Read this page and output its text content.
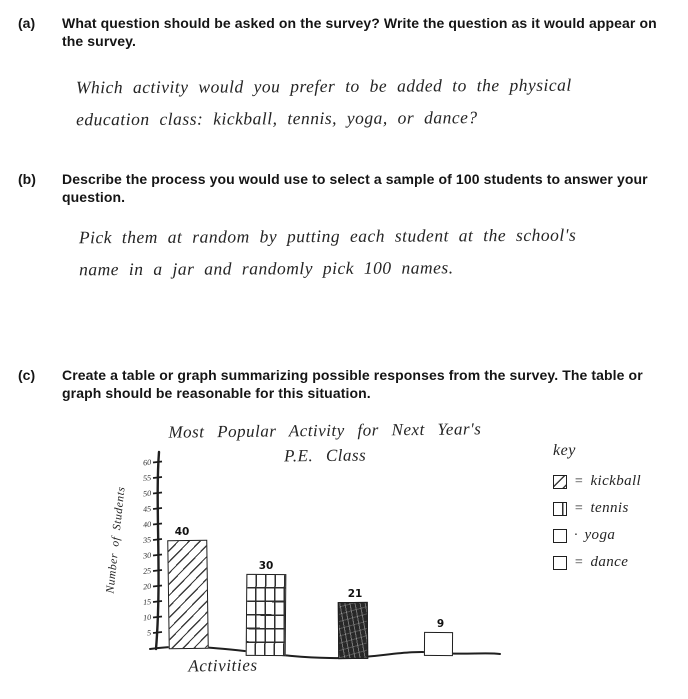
(a)	What question should be asked on the survey? Write the question as it would appear on the survey.

Which activity would you prefer to be added to the physical
education class: kickball, tennis, yoga, or dance?
(b)	Describe the process you would use to select a sample of 100 students to answer your question.

Pick them at random by putting each student at the school's
name in a jar and randomly pick 100 names.
(c)	Create a table or graph summarizing possible responses from the survey. The table or graph should be reasonable for this situation.

Most Popular Activity for Next Year's
P.E. Class
Number of Students
5
10
15
20
25
30
35
40
45
50
55
60
40
30
21
9
Activities
key
= kickball
= tennis
· yoga
= dance
